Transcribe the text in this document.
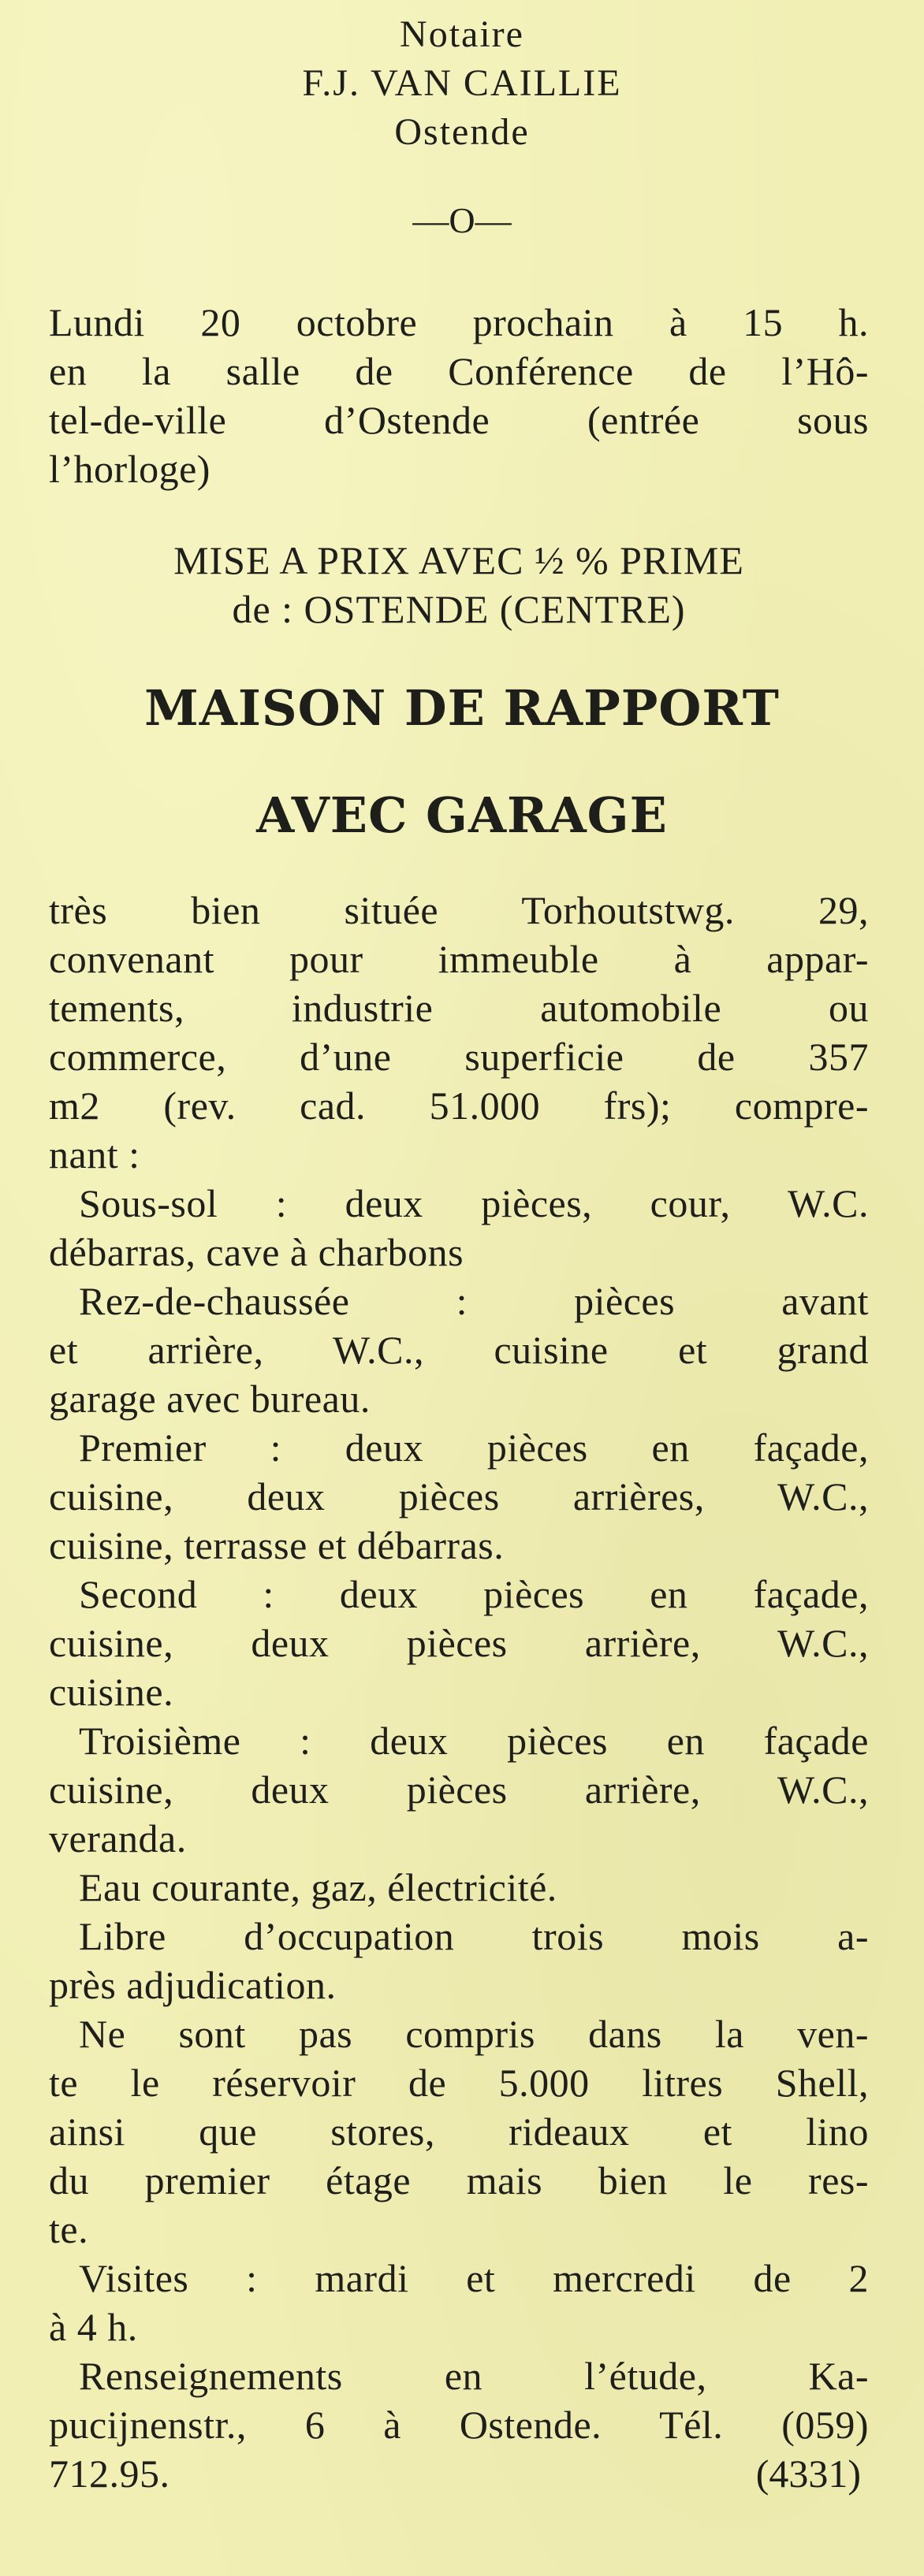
Notaire
F.J. VAN CAILLIE
Ostende
—O—
Lundi 20 octobre prochain à 15 h.
en la salle de Conférence de l’Hô-
tel-de-ville d’Ostende (entrée sous
l’horloge)
MISE A PRIX AVEC ½ % PRIME
de : OSTENDE (CENTRE)
MAISON DE RAPPORT
AVEC GARAGE
très bien située Torhoutstwg. 29,
convenant pour immeuble à appar-
tements, industrie automobile ou
commerce, d’une superficie de 357
m2 (rev. cad. 51.000 frs); compre-
nant :
Sous-sol : deux pièces, cour, W.C.
débarras, cave à charbons
Rez-de-chaussée : pièces avant
et arrière, W.C., cuisine et grand
garage avec bureau.
Premier : deux pièces en façade,
cuisine, deux pièces arrières, W.C.,
cuisine, terrasse et débarras.
Second : deux pièces en façade,
cuisine, deux pièces arrière, W.C.,
cuisine.
Troisième : deux pièces en façade
cuisine, deux pièces arrière, W.C.,
veranda.
Eau courante, gaz, électricité.
Libre d’occupation trois mois a-
près adjudication.
Ne sont pas compris dans la ven-
te le réservoir de 5.000 litres Shell,
ainsi que stores, rideaux et lino
du premier étage mais bien le res-
te.
Visites : mardi et mercredi de 2
à 4 h.
Renseignements en l’étude, Ka-
pucijnenstr., 6 à Ostende. Tél. (059)
712.95.	(4331)
